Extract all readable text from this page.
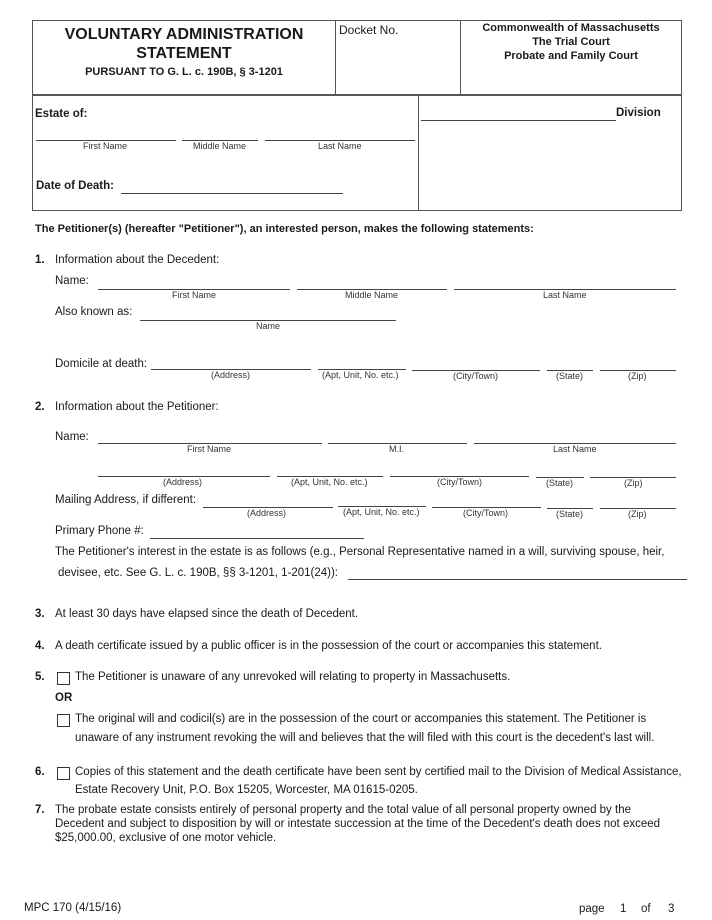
VOLUNTARY ADMINISTRATION
STATEMENT
PURSUANT TO G. L. c. 190B, § 3-1201
Docket No.	Commonwealth of Massachusetts
The Trial Court
Probate and Family Court
Estate of:
First Name	Middle Name	Last Name
Date of Death:
Division
The Petitioner(s) (hereafter "Petitioner"), an interested person, makes the following statements:
1. Information about the Decedent:
Name:
First Name	Middle Name	Last Name
Also known as:
Name
Domicile at death:
(Address)	(Apt, Unit, No. etc.)	(City/Town)	(State)	(Zip)
2. Information about the Petitioner:
Name:
First Name	M.I.	Last Name
(Address)	(Apt, Unit, No. etc.)	(City/Town)	(State)	(Zip)
Mailing Address, if different:
(Address)	(Apt, Unit, No. etc.)	(City/Town)	(State)	(Zip)
Primary Phone #:
The Petitioner's interest in the estate is as follows (e.g., Personal Representative named in a will, surviving spouse, heir,
devisee, etc. See G. L. c. 190B, §§ 3-1201, 1-201(24)):
3. At least 30 days have elapsed since the death of Decedent.
4. A death certificate issued by a public officer is in the possession of the court or accompanies this statement.
5.	The Petitioner is unaware of any unrevoked will relating to property in Massachusetts.
OR
The original will and codicil(s) are in the possession of the court or accompanies this statement. The Petitioner is
unaware of any instrument revoking the will and believes that the will filed with this court is the decedent's last will.
6.	Copies of this statement and the death certificate have been sent by certified mail to the Division of Medical Assistance,
Estate Recovery Unit, P.O. Box 15205, Worcester, MA 01615-0205.
7. The probate estate consists entirely of personal property and the total value of all personal property owned by the
Decedent and subject to disposition by will or intestate succession at the time of the Decedent's death does not exceed
$25,000.00, exclusive of one motor vehicle.
MPC 170 (4/15/16)	page 1 of 3
